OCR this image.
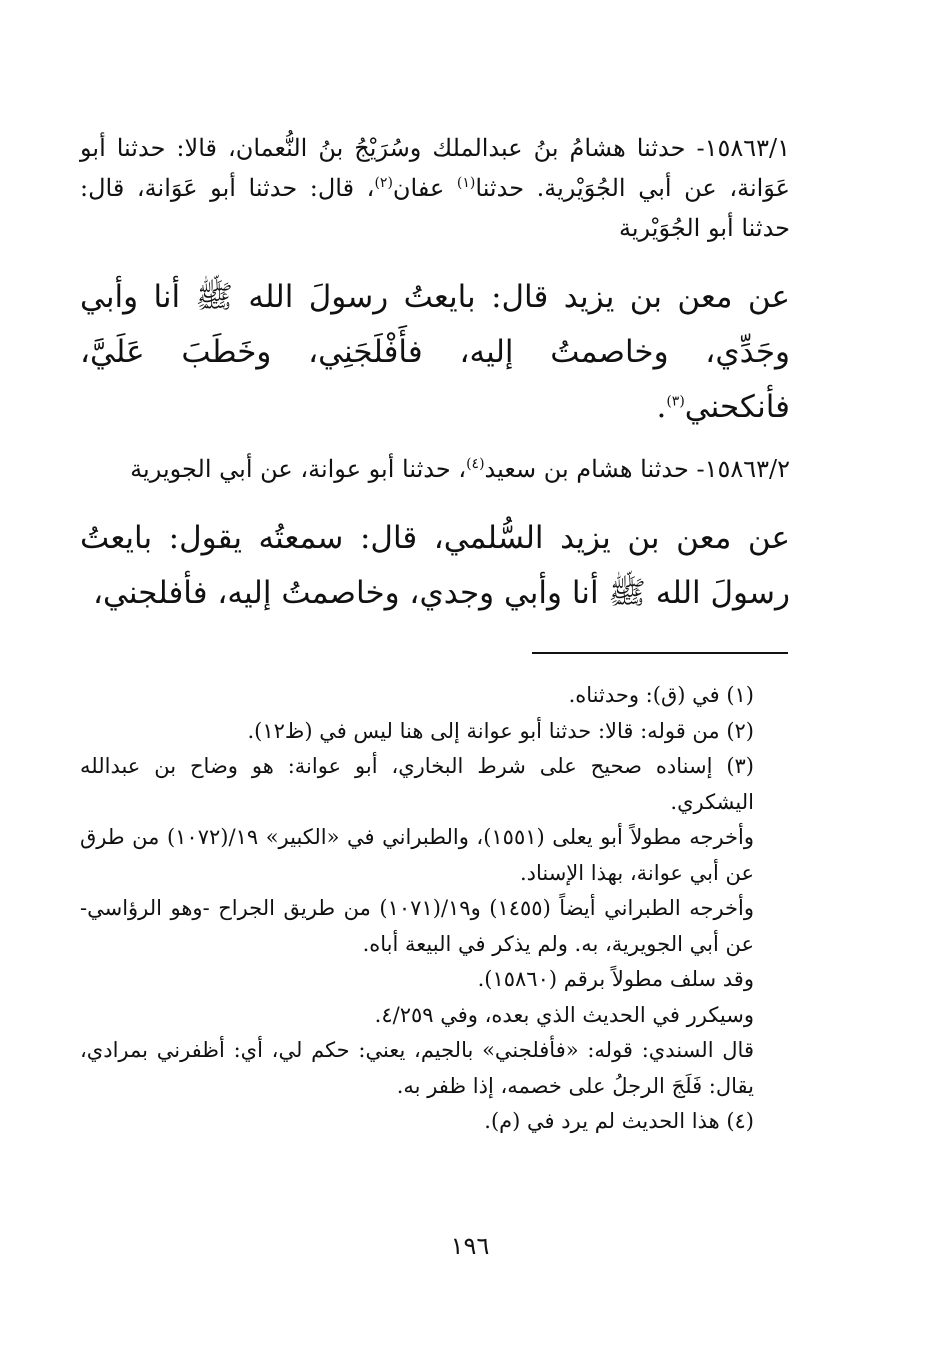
١٥٨٦٣/١- حدثنا هشامُ بنُ عبدالملك وسُرَيْجُ بنُ النُّعمان، قالا: حدثنا أبو عَوَانة، عن أبي الجُوَيْرية. حدثنا$^{(١)}$ عفان$^{(٢)}$، قال: حدثنا أبو عَوَانة، قال: حدثنا أبو الجُوَيْرية

عن معن بن يزيد قال: بايعتُ رسولَ الله ﷺ أنا وأبي وجَدِّي، وخاصمتُ إليه، فأَفْلَجَنِي، وخَطَبَ عَلَيَّ، فأنكحني$^{(٣)}$.

١٥٨٦٣/٢- حدثنا هشام بن سعيد$^{(٤)}$، حدثنا أبو عوانة، عن أبي الجويرية

عن معن بن يزيد السُّلمي، قال: سمعتُه يقول: بايعتُ رسولَ الله ﷺ أنا وأبي وجدي، وخاصمتُ إليه، فأفلجني،

(١) في (ق): وحدثناه.

(٢) من قوله: قالا: حدثنا أبو عوانة إلى هنا ليس في (ظ١٢).

(٣) إسناده صحيح على شرط البخاري، أبو عوانة: هو وضاح بن عبدالله اليشكري.

وأخرجه مطولاً أبو يعلى (١٥٥١)، والطبراني في «الكبير» ١٩/(١٠٧٢) من طرق عن أبي عوانة، بهذا الإسناد.

وأخرجه الطبراني أيضاً (١٤٥٥) و١٩/(١٠٧١) من طريق الجراح -وهو الرؤاسي- عن أبي الجويرية، به. ولم يذكر في البيعة أباه.

وقد سلف مطولاً برقم (١٥٨٦٠).

وسيكرر في الحديث الذي بعده، وفي ٤/٢٥٩.

قال السندي: قوله: «فأفلجني» بالجيم، يعني: حكم لي، أي: أظفرني بمرادي، يقال: فَلَجَ الرجلُ على خصمه، إذا ظفر به.

(٤) هذا الحديث لم يرد في (م).

١٩٦
